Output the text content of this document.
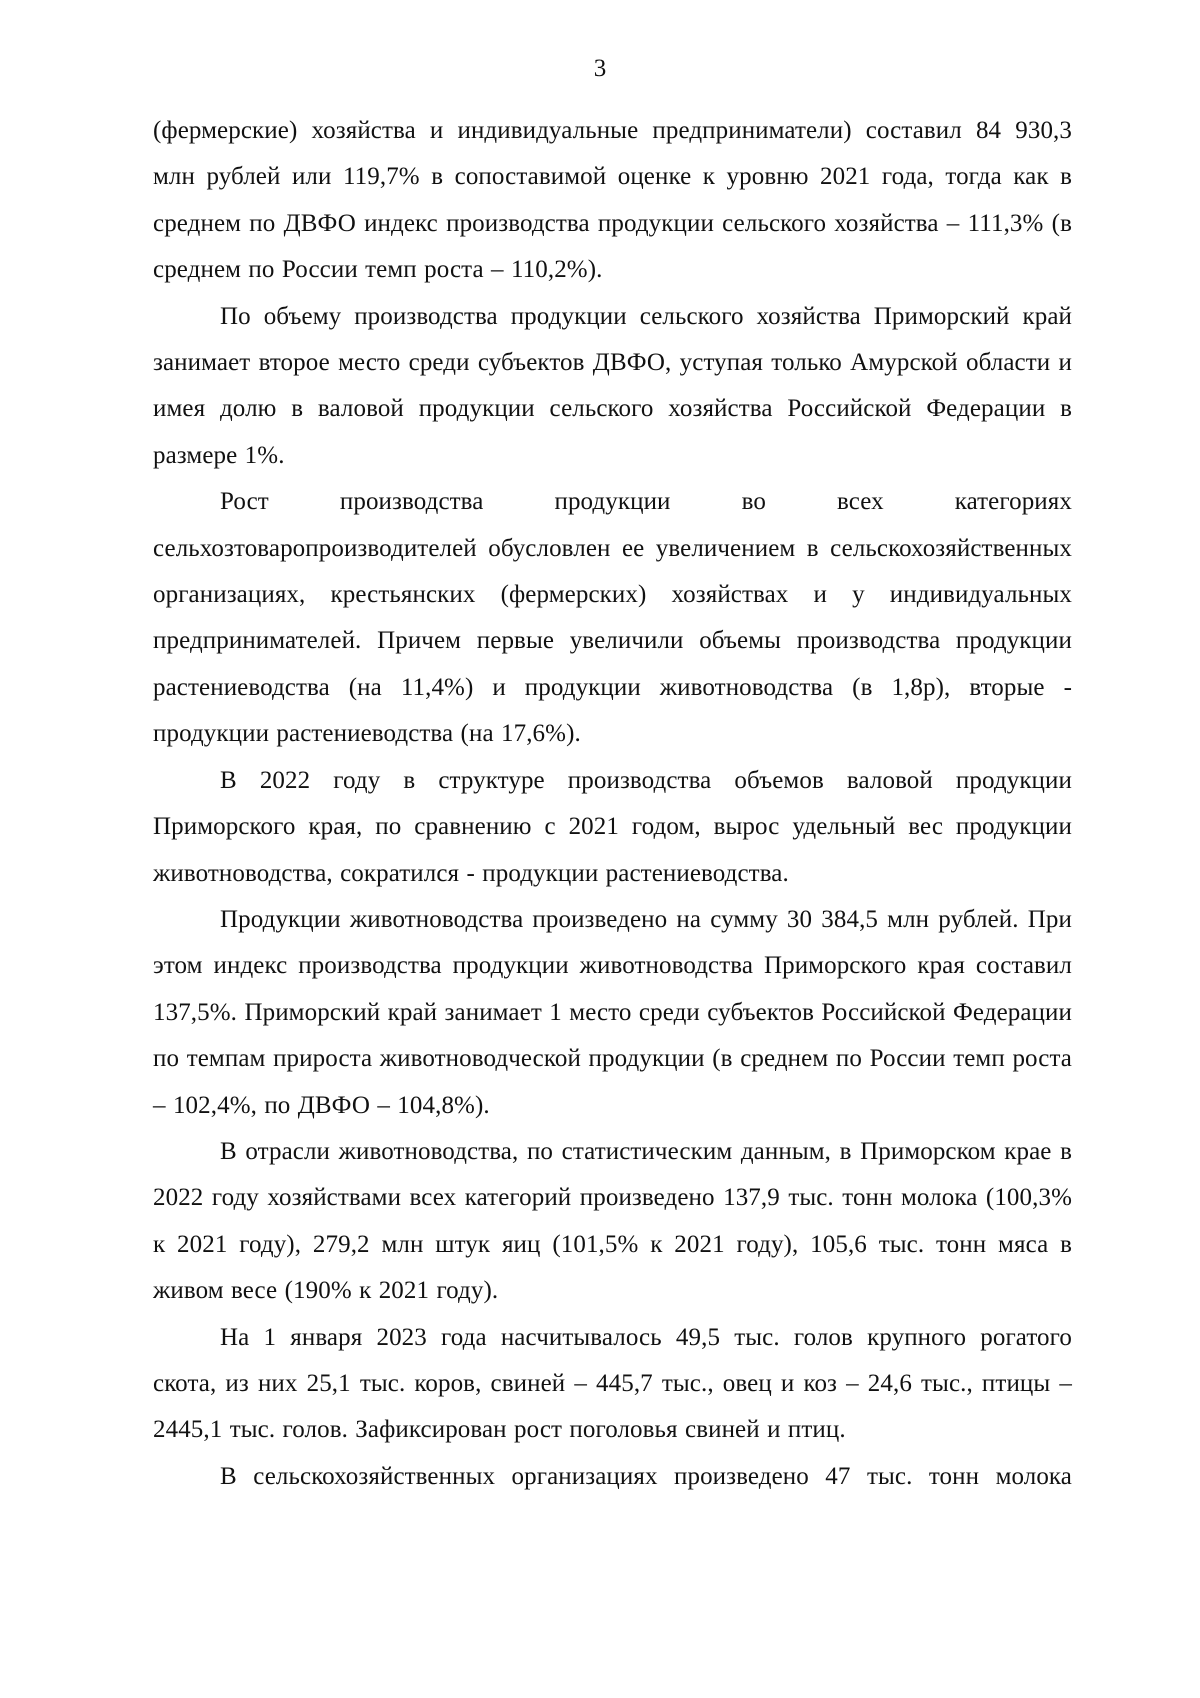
3

(фермерские) хозяйства и индивидуальные предприниматели) составил 84 930,3 млн рублей или 119,7% в сопоставимой оценке к уровню 2021 года, тогда как в среднем по ДВФО индекс производства продукции сельского хозяйства – 111,3% (в среднем по России темп роста – 110,2%).

По объему производства продукции сельского хозяйства Приморский край занимает второе место среди субъектов ДВФО, уступая только Амурской области и имея долю в валовой продукции сельского хозяйства Российской Федерации в размере 1%.

Рост производства продукции во всех категориях сельхозтоваропроизводителей обусловлен ее увеличением в сельскохозяйственных организациях, крестьянских (фермерских) хозяйствах и у индивидуальных предпринимателей. Причем первые увеличили объемы производства продукции растениеводства (на 11,4%) и продукции животноводства (в 1,8р), вторые - продукции растениеводства (на 17,6%).

В 2022 году в структуре производства объемов валовой продукции Приморского края, по сравнению с 2021 годом, вырос удельный вес продукции животноводства, сократился - продукции растениеводства.

Продукции животноводства произведено на сумму 30 384,5 млн рублей. При этом индекс производства продукции животноводства Приморского края составил 137,5%. Приморский край занимает 1 место среди субъектов Российской Федерации по темпам прироста животноводческой продукции (в среднем по России темп роста – 102,4%, по ДВФО – 104,8%).

В отрасли животноводства, по статистическим данным, в Приморском крае в 2022 году хозяйствами всех категорий произведено 137,9 тыс. тонн молока (100,3% к 2021 году), 279,2 млн штук яиц (101,5% к 2021 году), 105,6 тыс. тонн мяса в живом весе (190% к 2021 году).

На 1 января 2023 года насчитывалось 49,5 тыс. голов крупного рогатого скота, из них 25,1 тыс. коров, свиней – 445,7 тыс., овец и коз – 24,6 тыс., птицы – 2445,1 тыс. голов. Зафиксирован рост поголовья свиней и птиц.

В сельскохозяйственных организациях произведено 47 тыс. тонн молока
